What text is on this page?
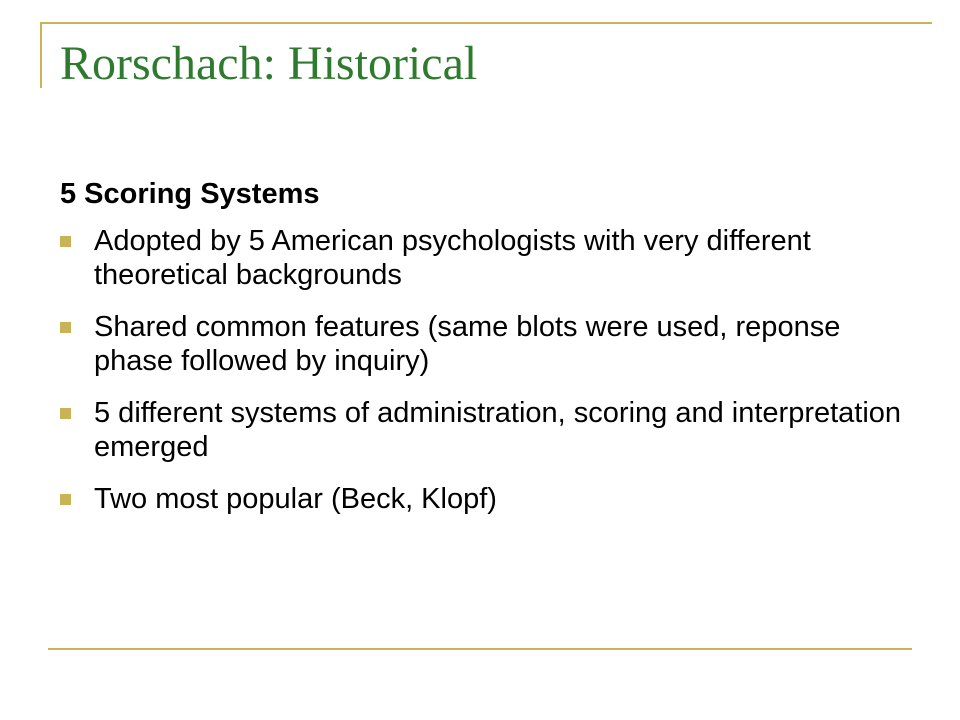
Rorschach: Historical

5 Scoring Systems

Adopted by 5 American psychologists with very different theoretical backgrounds
Shared common features (same blots were used, reponse phase followed by inquiry)
5 different systems of administration, scoring and interpretation emerged
Two most popular (Beck, Klopf)
